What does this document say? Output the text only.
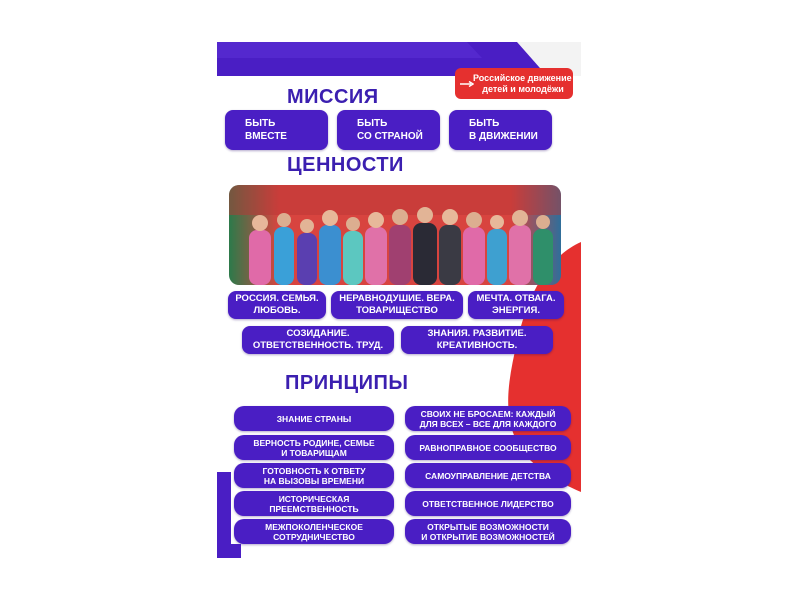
Российское движение
детей и молодёжи
МИССИЯ
БЫТЬ
ВМЕСТЕ
БЫТЬ
СО СТРАНОЙ
БЫТЬ
В ДВИЖЕНИИ
ЦЕННОСТИ
РОССИЯ. СЕМЬЯ.
ЛЮБОВЬ.
НЕРАВНОДУШИЕ. ВЕРА.
ТОВАРИЩЕСТВО
МЕЧТА. ОТВАГА.
ЭНЕРГИЯ.
СОЗИДАНИЕ.
ОТВЕТСТВЕННОСТЬ. ТРУД.
ЗНАНИЯ. РАЗВИТИЕ.
КРЕАТИВНОСТЬ.
ПРИНЦИПЫ
ЗНАНИЕ СТРАНЫ
ВЕРНОСТЬ РОДИНЕ, СЕМЬЕ
И ТОВАРИЩАМ
ГОТОВНОСТЬ К ОТВЕТУ
НА ВЫЗОВЫ ВРЕМЕНИ
ИСТОРИЧЕСКАЯ
ПРЕЕМСТВЕННОСТЬ
МЕЖПОКОЛЕНЧЕСКОЕ
СОТРУДНИЧЕСТВО
СВОИХ НЕ БРОСАЕМ: КАЖДЫЙ
ДЛЯ ВСЕХ – ВСЕ ДЛЯ КАЖДОГО
РАВНОПРАВНОЕ СООБЩЕСТВО
САМОУПРАВЛЕНИЕ ДЕТСТВА
ОТВЕТСТВЕННОЕ ЛИДЕРСТВО
ОТКРЫТЫЕ ВОЗМОЖНОСТИ
И ОТКРЫТИЕ ВОЗМОЖНОСТЕЙ
